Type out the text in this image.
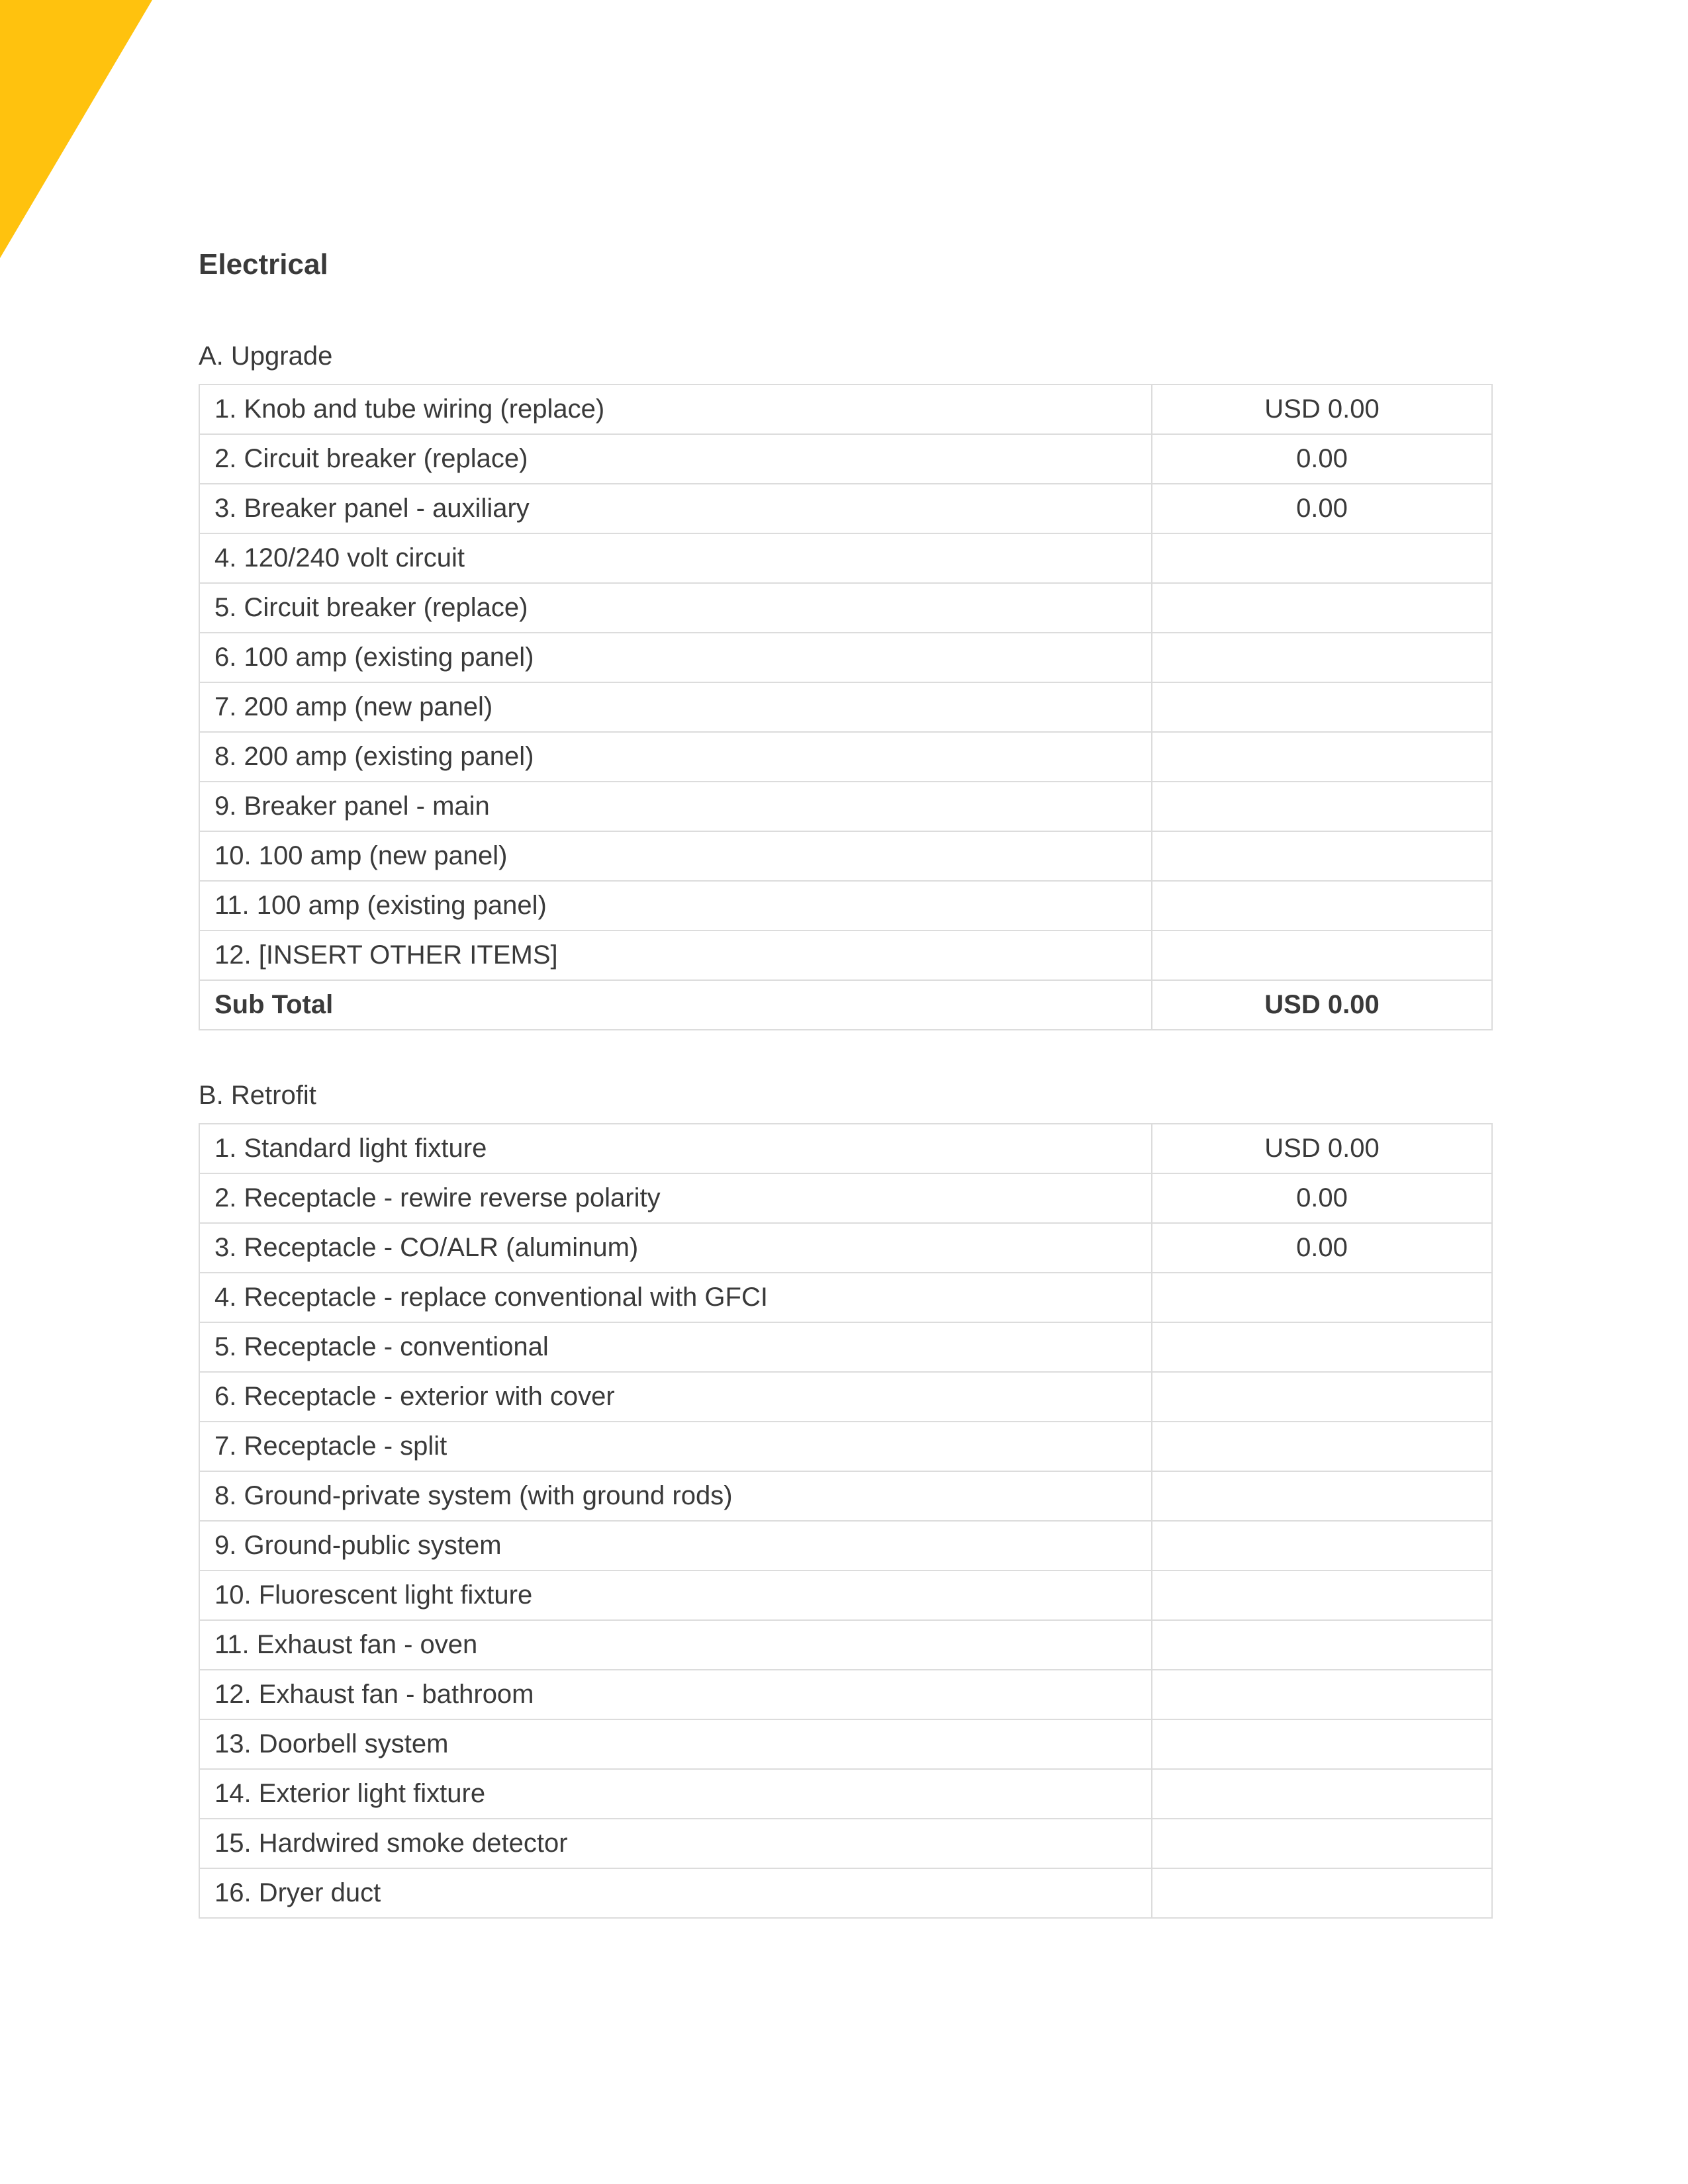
Electrical
A. Upgrade
1. Knob and tube wiring (replace)	USD 0.00
2. Circuit breaker (replace)	0.00
3. Breaker panel - auxiliary	0.00
4. 120/240 volt circuit	
5. Circuit breaker (replace)	
6. 100 amp (existing panel)	
7. 200 amp (new panel)	
8. 200 amp (existing panel)	
9. Breaker panel - main	
10. 100 amp (new panel)	
11. 100 amp (existing panel)	
12. [INSERT OTHER ITEMS]	
Sub Total	USD 0.00
B. Retrofit
1. Standard light fixture	USD 0.00
2. Receptacle - rewire reverse polarity	0.00
3. Receptacle - CO/ALR (aluminum)	0.00
4. Receptacle - replace conventional with GFCI	
5. Receptacle - conventional	
6. Receptacle - exterior with cover	
7. Receptacle - split	
8. Ground-private system (with ground rods)	
9. Ground-public system	
10. Fluorescent light fixture	
11. Exhaust fan - oven	
12. Exhaust fan - bathroom	
13. Doorbell system	
14. Exterior light fixture	
15. Hardwired smoke detector	
16. Dryer duct	
